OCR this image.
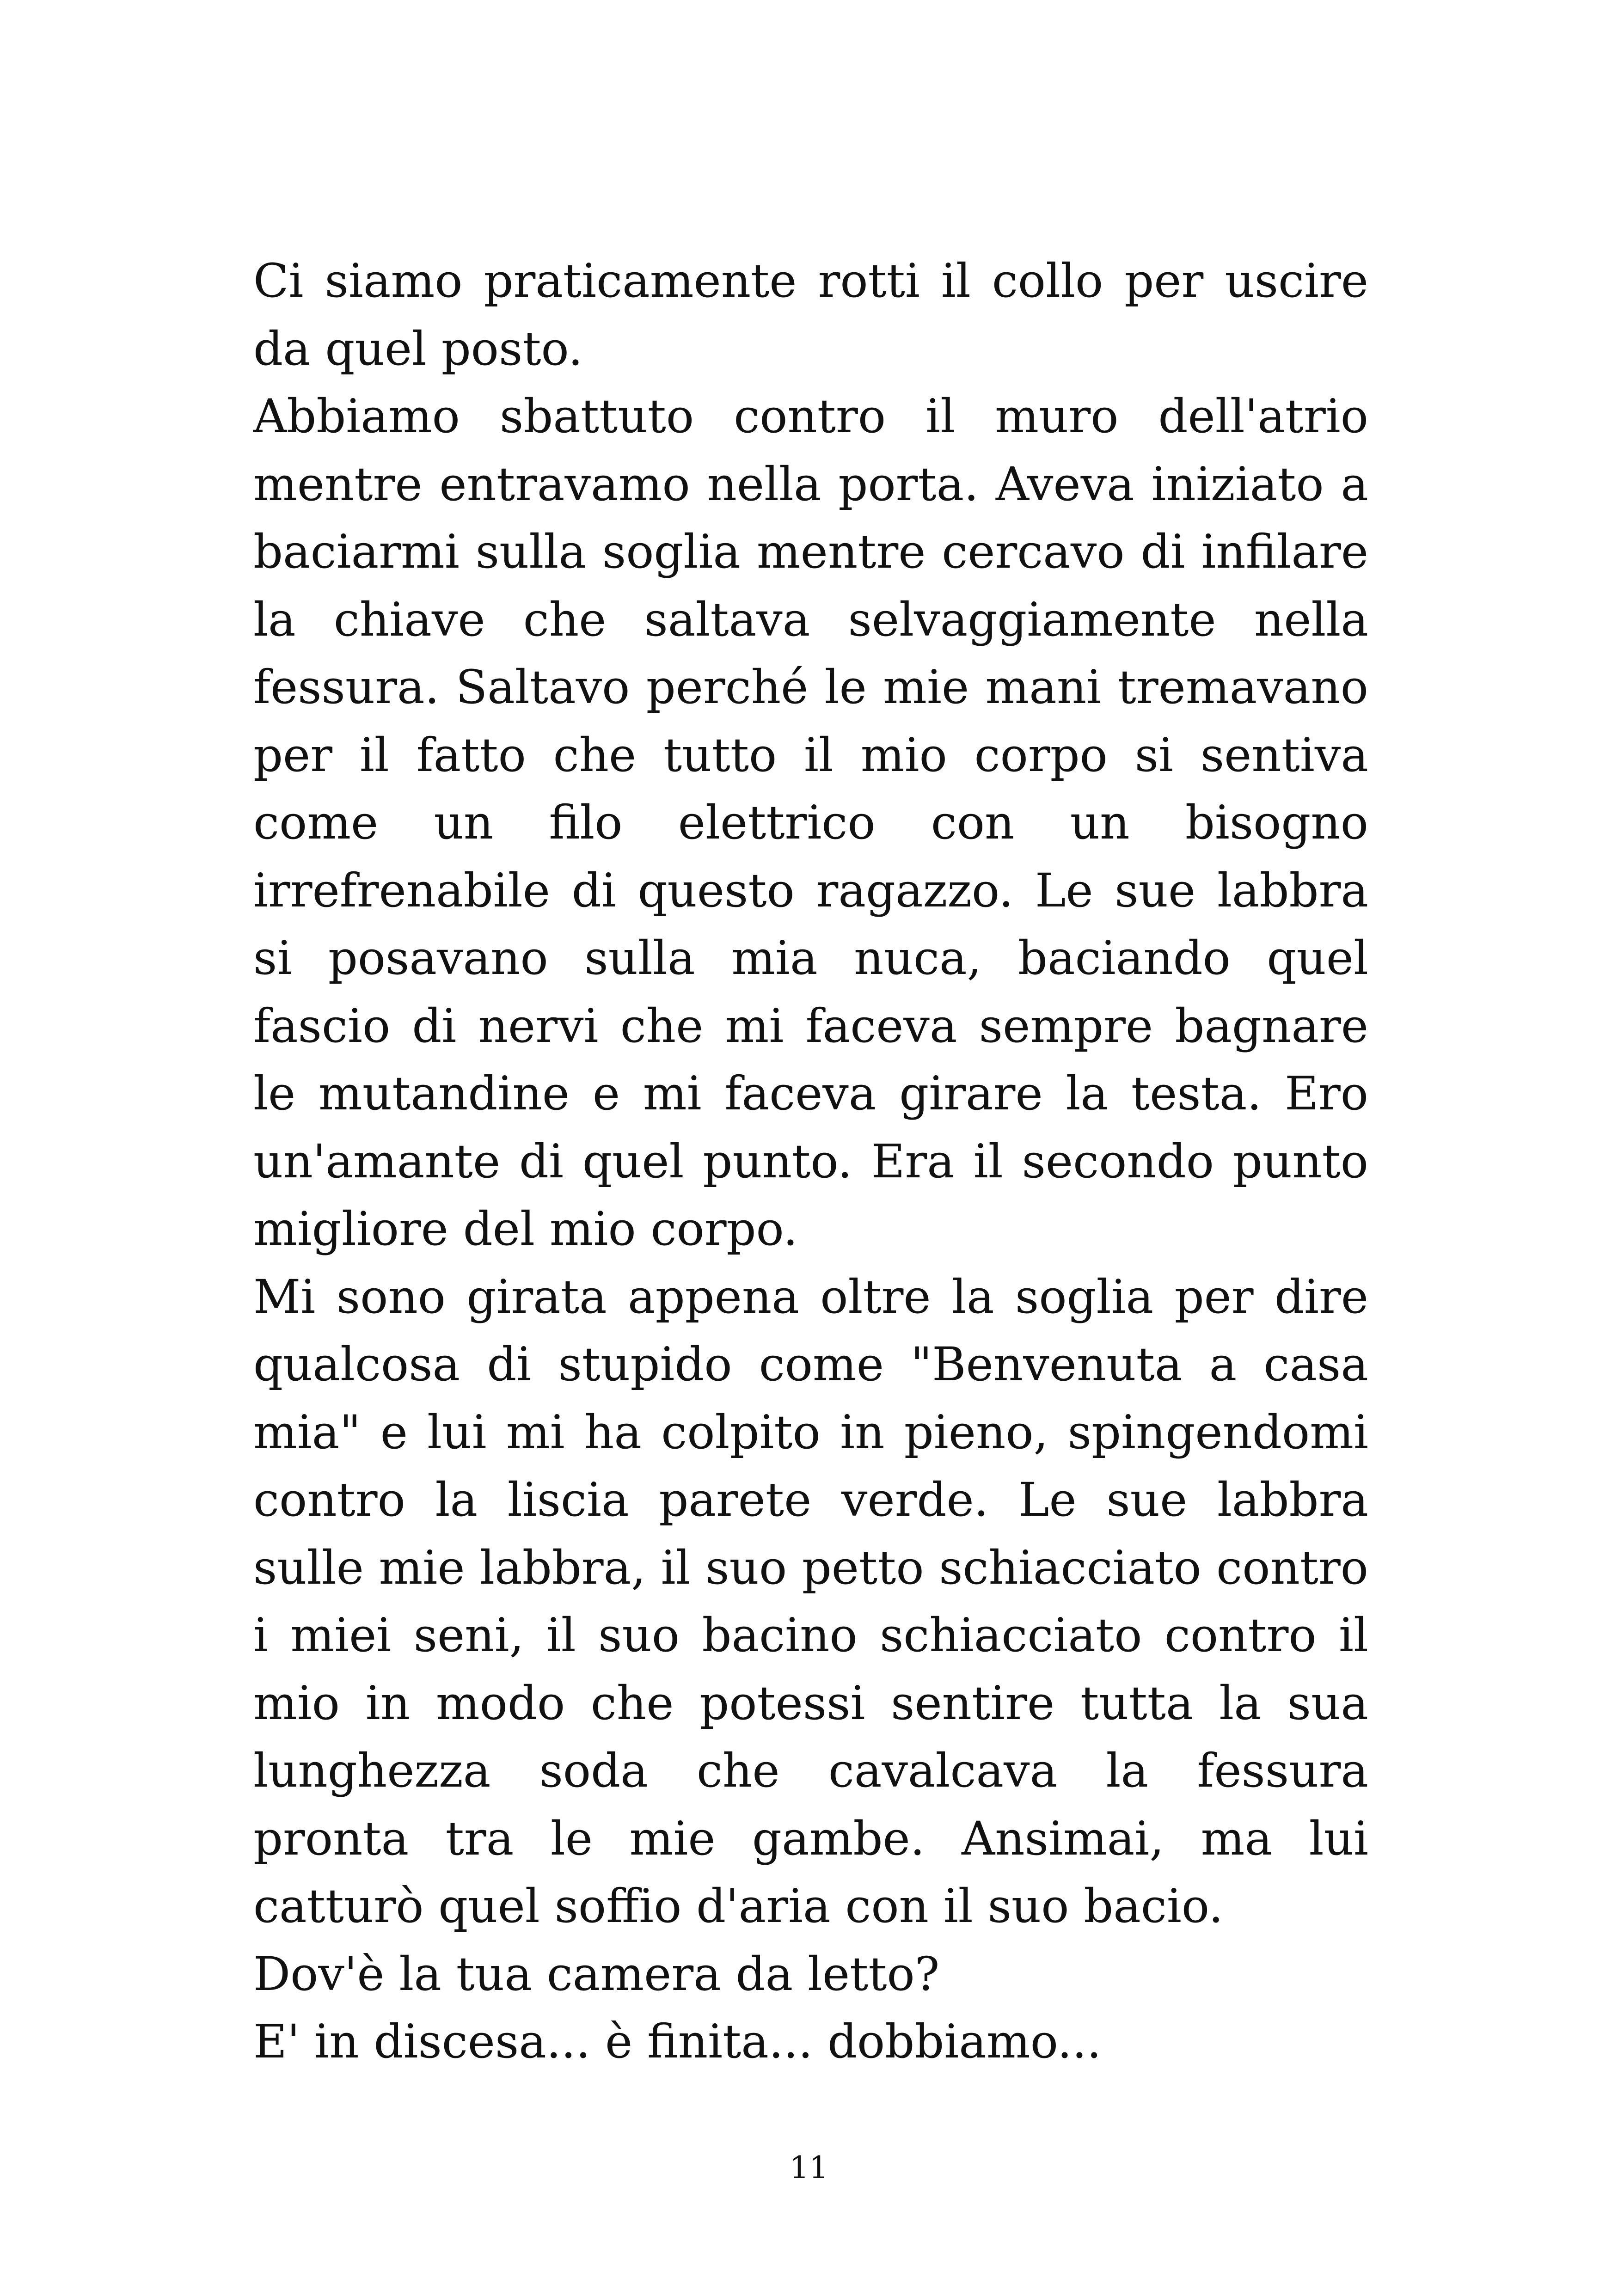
Ci siamo praticamente rotti il collo per uscire da quel posto.

Abbiamo sbattuto contro il muro dell'atrio mentre entravamo nella porta. Aveva iniziato a baciarmi sulla soglia mentre cercavo di infilare la chiave che saltava selvaggiamente nella fessura. Saltavo perché le mie mani tremavano per il fatto che tutto il mio corpo si sentiva come un filo elettrico con un bisogno irrefrenabile di questo ragazzo. Le sue labbra si posavano sulla mia nuca, baciando quel fascio di nervi che mi faceva sempre bagnare le mutandine e mi faceva girare la testa. Ero un'amante di quel punto. Era il secondo punto migliore del mio corpo.

Mi sono girata appena oltre la soglia per dire qualcosa di stupido come "Benvenuta a casa mia" e lui mi ha colpito in pieno, spingendomi contro la liscia parete verde. Le sue labbra sulle mie labbra, il suo petto schiacciato contro i miei seni, il suo bacino schiacciato contro il mio in modo che potessi sentire tutta la sua lunghezza soda che cavalcava la fessura pronta tra le mie gambe. Ansimai, ma lui catturò quel soffio d'aria con il suo bacio.

Dov'è la tua camera da letto?

E' in discesa... è finita... dobbiamo...

11
